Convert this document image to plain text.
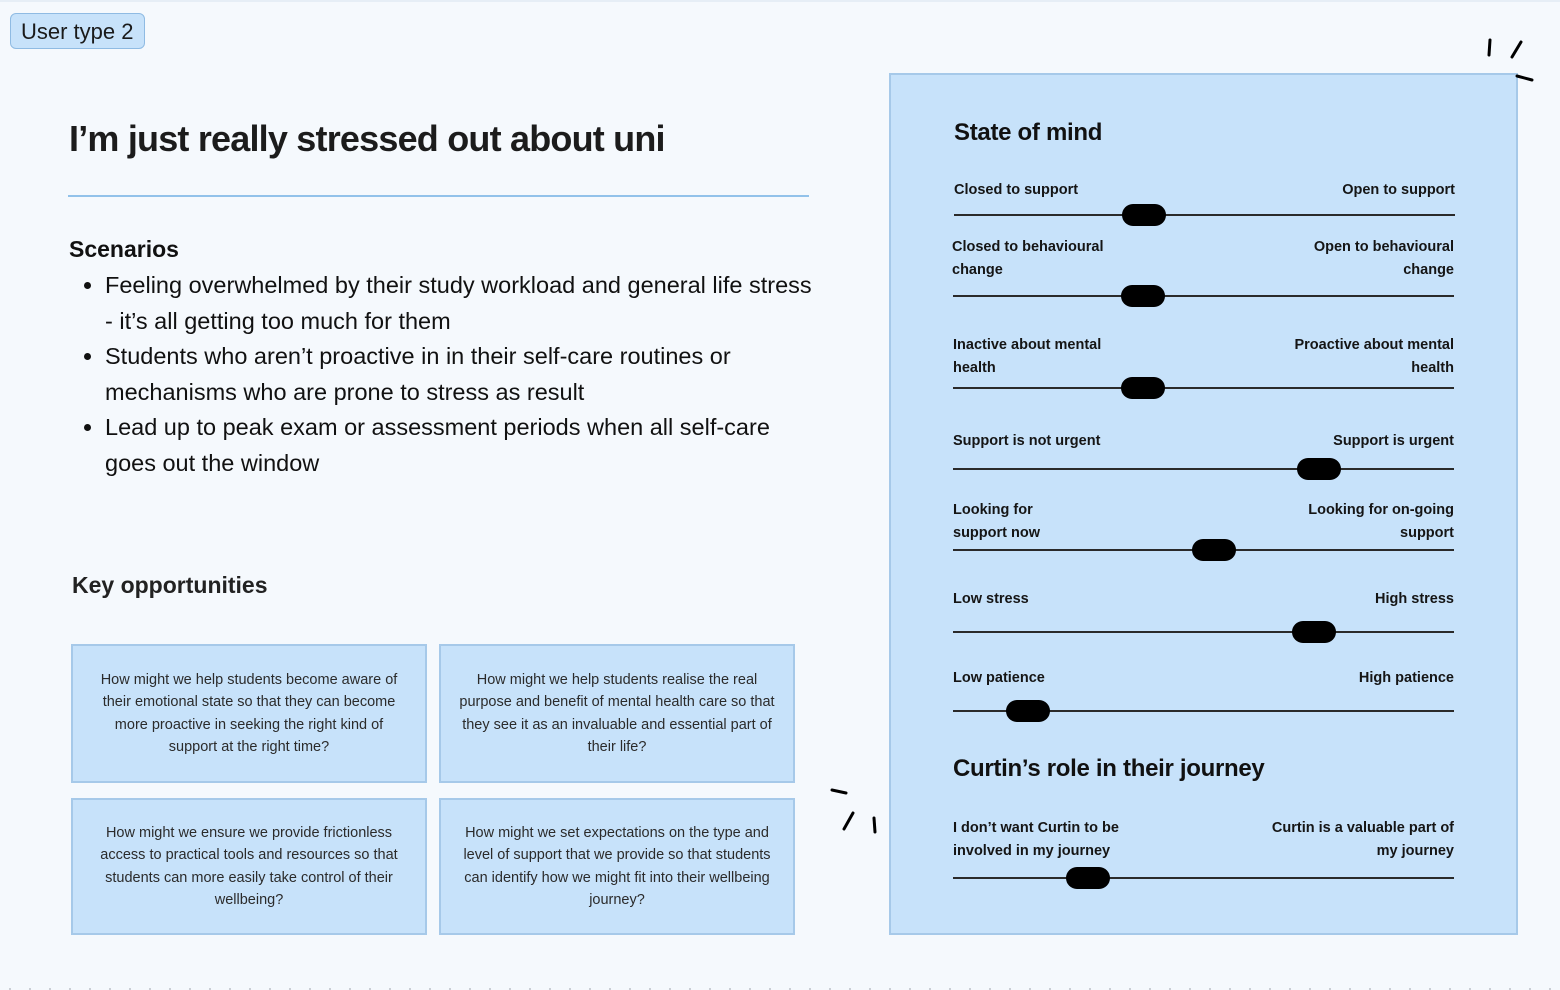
User type 2
I’m just really stressed out about uni
Scenarios
• Feeling overwhelmed by their study workload and general life stress - it’s all getting too much for them
• Students who aren’t proactive in in their self-care routines or mechanisms who are prone to stress as result
• Lead up to peak exam or assessment periods when all self-care goes out the window
Key opportunities
How might we help students become aware of their emotional state so that they can become more proactive in seeking the right kind of support at the right time?
How might we help students realise the real purpose and benefit of mental health care so that they see it as an invaluable and essential part of their life?
How might we ensure we provide frictionless access to practical tools and resources so that students can more easily take control of their wellbeing?
How might we set expectations on the type and level of support that we provide so that students can identify how we might fit into their wellbeing journey?
State of mind
Closed to support	Open to support
Closed to behavioural change
Open to behavioural change
Inactive about mental health
Proactive about mental health
Support is not urgent	Support is urgent
Looking for support now
Looking for on-going support
Low stress	High stress
Low patience	High patience
Curtin’s role in their journey
I don’t want Curtin to be involved in my journey
Curtin is a valuable part of my journey
